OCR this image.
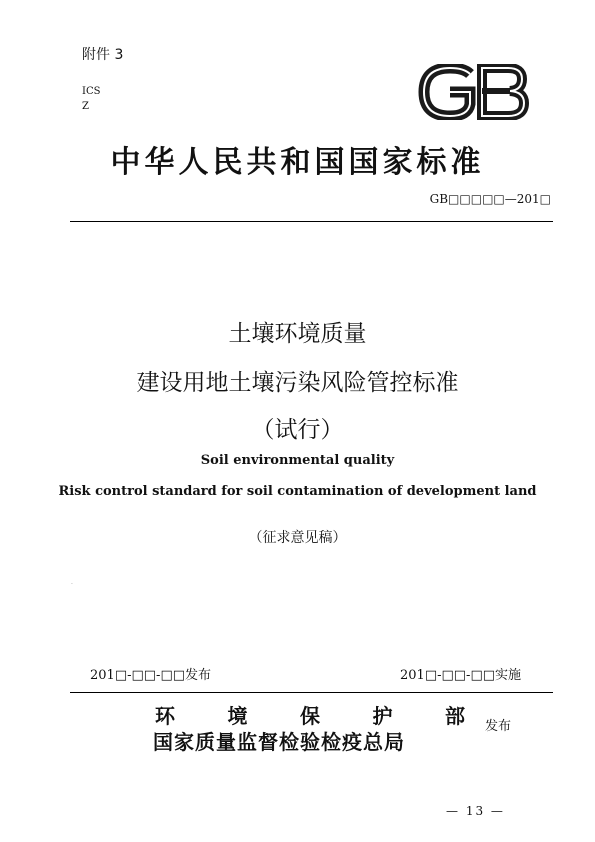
附件 3
ICS
Z
中华人民共和国国家标准
GB□□□□□—201□
土壤环境质量
建设用地土壤污染风险管控标准
（试行）
Soil environmental quality
Risk control standard for soil contamination of development land
（征求意见稿）
.
201□-□□-□□发布	201□-□□-□□实施
环	境	保	护	部
国家质量监督检验检疫总局
发布
— 13 —
